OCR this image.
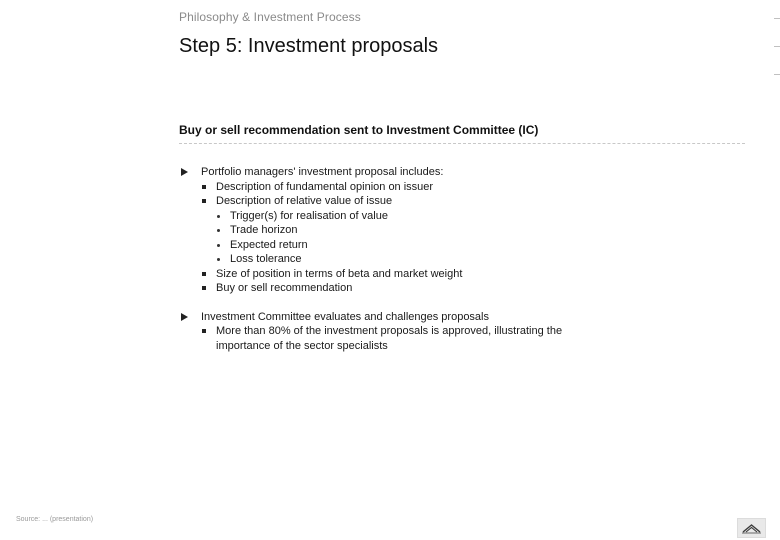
Philosophy & Investment Process
Step 5: Investment proposals
Buy or sell recommendation sent to Investment Committee (IC)
Portfolio managers' investment proposal includes:
Description of fundamental opinion on issuer
Description of relative value of issue
Trigger(s) for realisation of value
Trade horizon
Expected return
Loss tolerance
Size of position in terms of beta and market weight
Buy or sell recommendation
Investment Committee evaluates and challenges proposals
More than 80% of the investment proposals is approved, illustrating the importance of the sector specialists
Source: ... (presentation)
